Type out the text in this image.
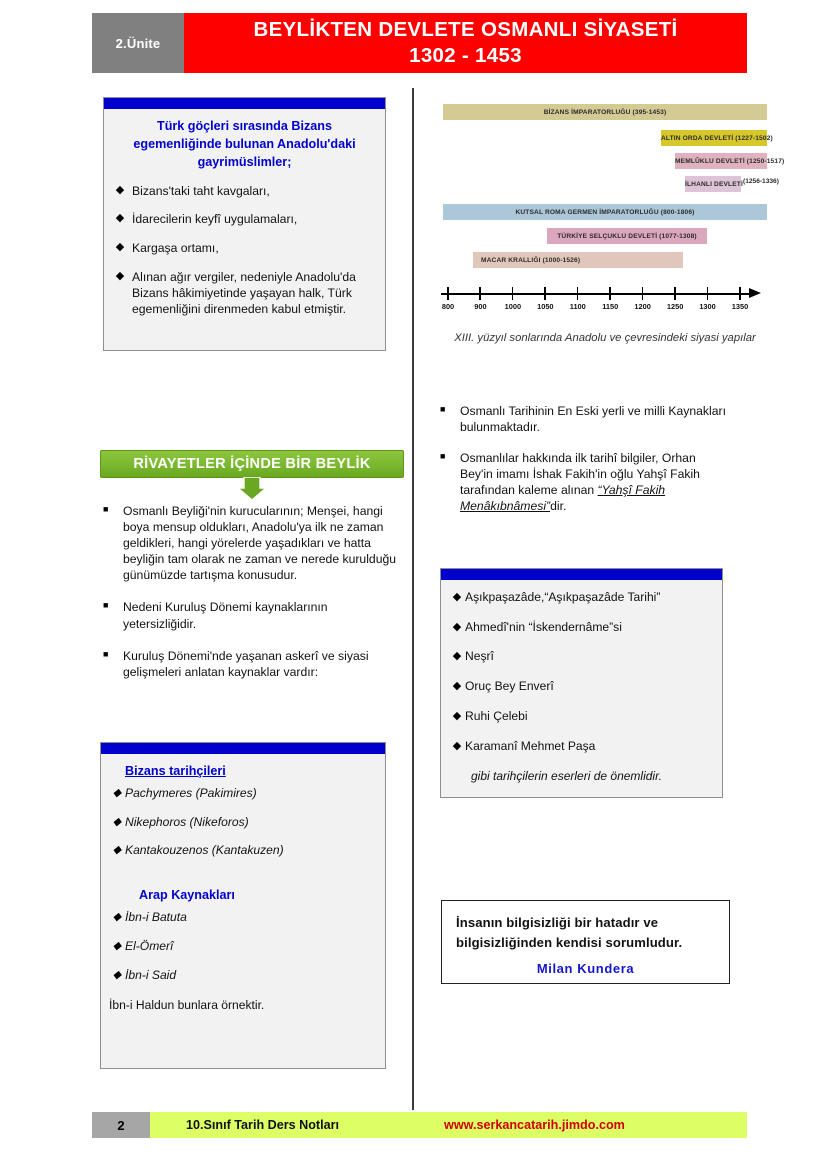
2.Ünite
BEYLİKTEN DEVLETE OSMANLI SİYASETİ
1302 - 1453
Türk göçleri sırasında Bizans egemenliğinde bulunan Anadolu'daki gayrimüslimler;
◆ Bizans'taki taht kavgaları,
◆ İdarecilerin keyfî uygulamaları,
◆ Kargaşa ortamı,
◆ Alınan ağır vergiler, nedeniyle Anadolu'da Bizans hâkimiyetinde yaşayan halk, Türk egemenliğini direnmeden kabul etmiştir.
BİZANS İMPARATORLUĞU (395-1453)
ALTIN ORDA DEVLETİ (1227-1502)
MEMLÛKLU DEVLETİ (1250-1517)
İLHANLI DEVLETİ (1256-1336)
KUTSAL ROMA GERMEN İMPARATORLUĞU (800-1806)
TÜRKİYE SELÇUKLU DEVLETİ (1077-1308)
MACAR KRALLIĞI (1000-1526)
800	900 1000 1050 1100 1150 1200 1250 1300 1350
XIII. yüzyıl sonlarında Anadolu ve çevresindeki siyasi yapılar
■	Osmanlı Tarihinin En Eski yerli ve milli Kaynakları bulunmaktadır.
■	Osmanlılar hakkında ilk tarihî bilgiler, Orhan Bey'in imamı İshak Fakih'in oğlu Yahşî Fakih tarafından kaleme alınan “Yahşî Fakih Menâkıbnâmesi”dir.
RİVAYETLER İÇİNDE BİR BEYLİK
■	Osmanlı Beyliği'nin kurucularının; Menşei, hangi boya mensup oldukları, Anadolu'ya ilk ne zaman geldikleri, hangi yörelerde yaşadıkları ve hatta beyliğin tam olarak ne zaman ve nerede kurulduğu günümüzde tartışma konusudur.
■	Nedeni Kuruluş Dönemi kaynaklarının yetersizliğidir.
■	Kuruluş Dönemi'nde yaşanan askerî ve siyasi gelişmeleri anlatan kaynaklar vardır:
Bizans tarihçileri
◆ Pachymeres (Pakimires)
◆ Nikephoros (Nikeforos)
◆ Kantakouzenos (Kantakuzen)
Arap Kaynakları
◆ İbn-i Batuta
◆ El-Ömerî
◆ İbn-i Said
İbn-i Haldun bunlara örnektir.
◆ Aşıkpaşazâde,“Aşıkpaşazâde Tarihi”
◆ Ahmedî'nin “İskendernâme”si
◆ Neşrî
◆ Oruç Bey Enverî
◆ Ruhi Çelebi
◆ Karamanî Mehmet Paşa
gibi tarihçilerin eserleri de önemlidir.
İnsanın bilgisizliği bir hatadır ve
bilgisizliğinden kendisi sorumludur.
Milan Kundera
2	10.Sınıf Tarih Ders Notları	www.serkancatarih.jimdo.com
